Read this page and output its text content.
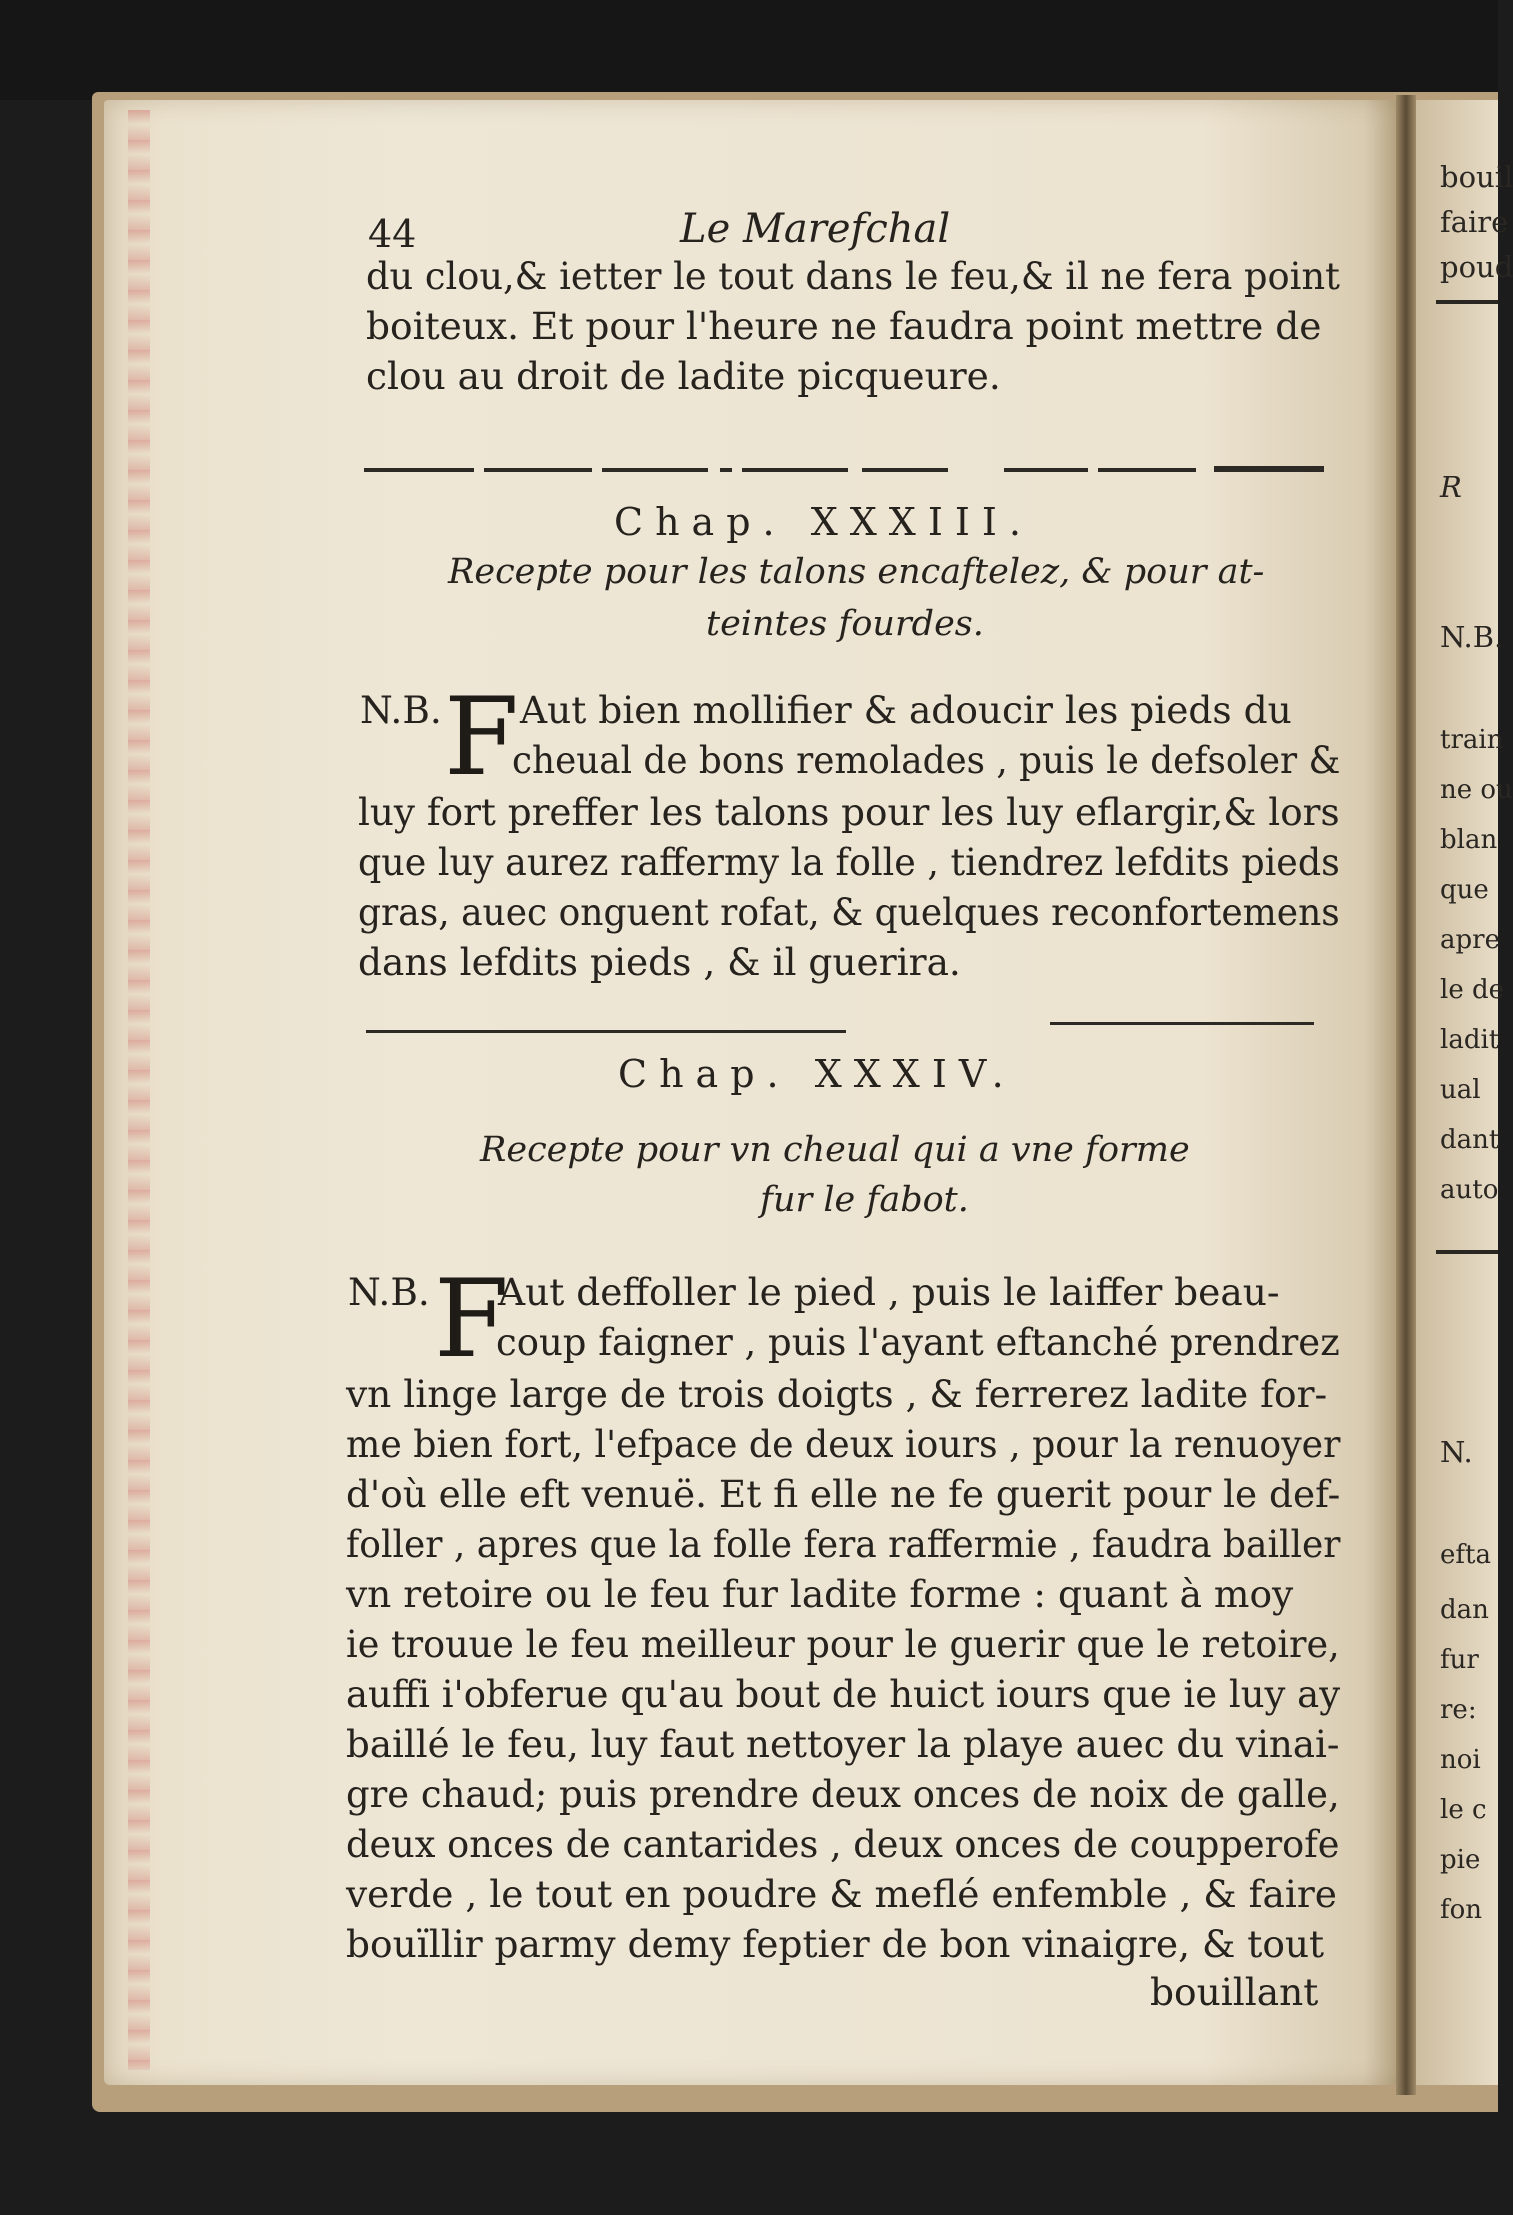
bouil
faire
poud
R
N.B.
train
ne ou
blan
que
apre
le de
ladit
ual
dant
auto
N.
efta
dan
fur
re:
noi
le c
pie
fon
44	Le Marefchal
du clou,& ietter le tout dans le feu,& il ne fera point
boiteux. Et pour l'heure ne faudra point mettre de
clou au droit de ladite picqueure.
Chap. XXXIII.
Recepte pour les talons encaftelez, & pour at-
teintes fourdes.
N.B. F Aut bien mollifier & adoucir les pieds du
cheual de bons remolades , puis le defsoler &
luy fort preffer les talons pour les luy eflargir,& lors
que luy aurez raffermy la folle , tiendrez lefdits pieds
gras, auec onguent rofat, & quelques reconfortemens
dans lefdits pieds , & il guerira.
Chap. XXXIV.
Recepte pour vn cheual qui a vne forme
fur le fabot.
N.B. F
Aut deffoller le pied , puis le laiffer beau-
coup faigner , puis l'ayant eftanché prendrez
vn linge large de trois doigts , & ferrerez ladite for-
me bien fort, l'efpace de deux iours , pour la renuoyer
d'où elle eft venuë. Et fi elle ne fe guerit pour le def-
foller , apres que la folle fera raffermie , faudra bailler
vn retoire ou le feu fur ladite forme : quant à moy
ie trouue le feu meilleur pour le guerir que le retoire,
auffi i'obferue qu'au bout de huict iours que ie luy ay
baillé le feu, luy faut nettoyer la playe auec du vinai-
gre chaud; puis prendre deux onces de noix de galle,
deux onces de cantarides , deux onces de coupperofe
verde , le tout en poudre & meflé enfemble , & faire
bouïllir parmy demy feptier de bon vinaigre, & tout
bouillant
